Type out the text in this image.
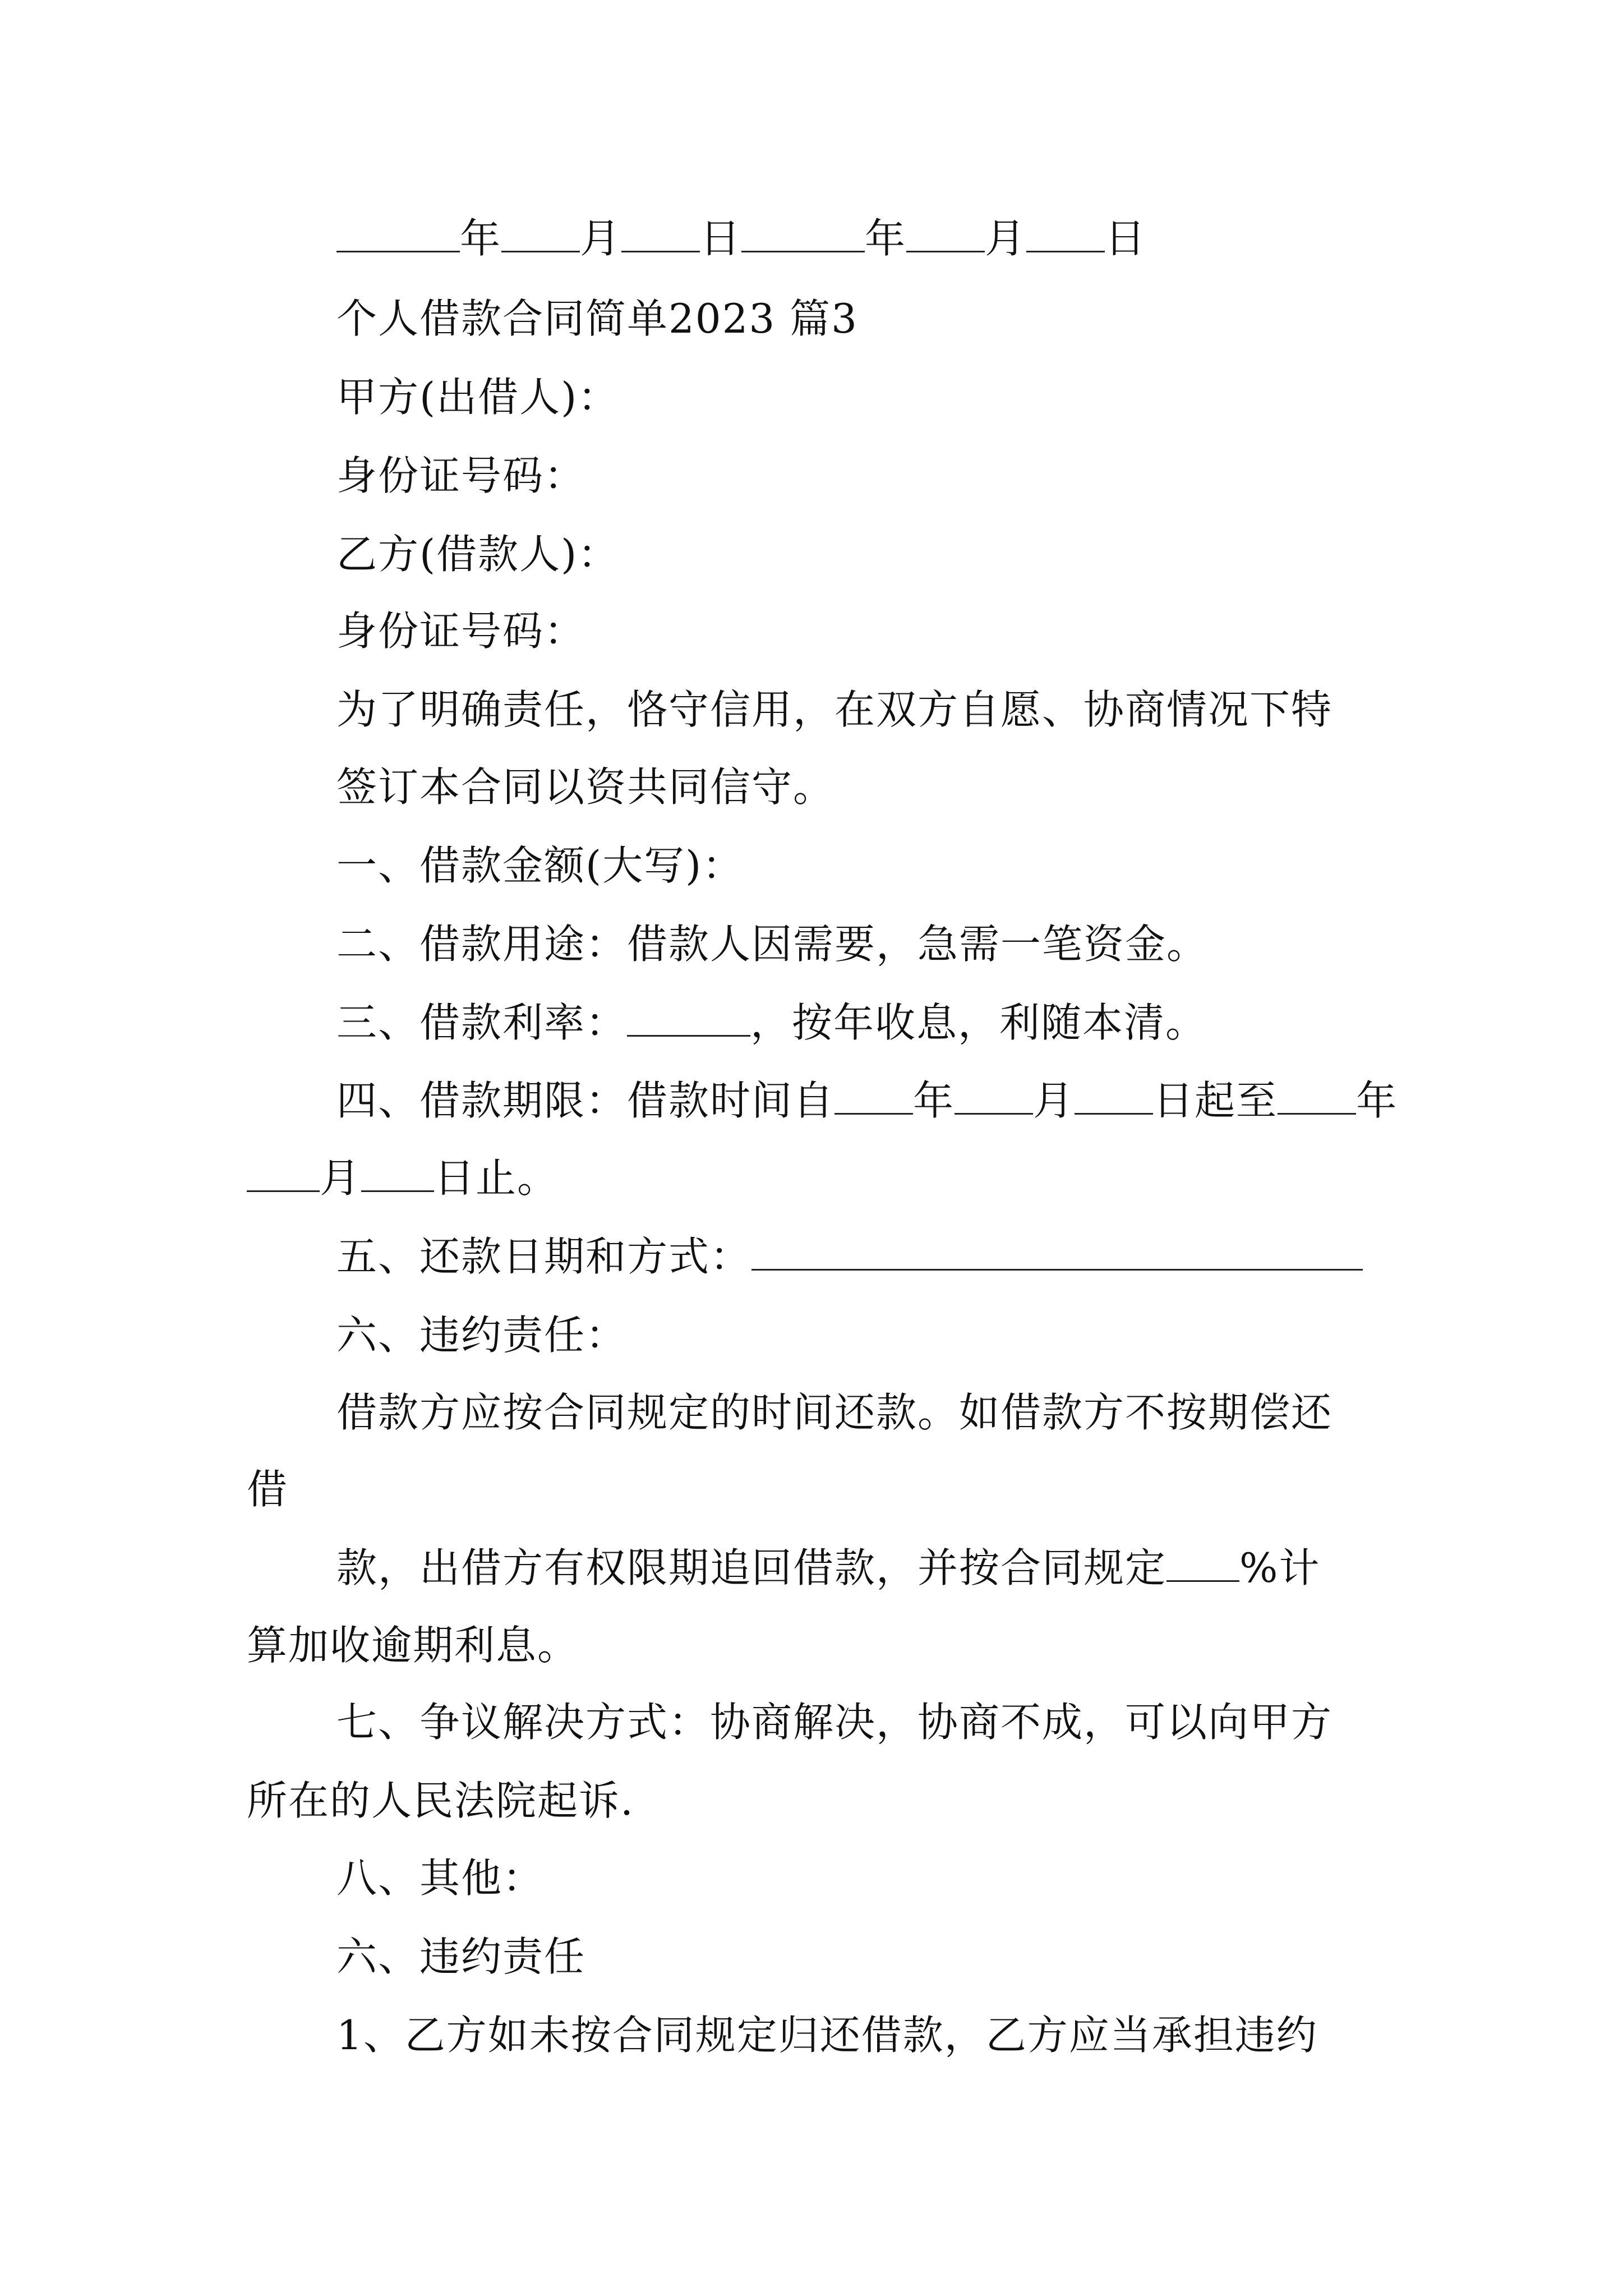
年 月 日	年 月 日
个人借款合同简单2023 篇3
甲方(出借人)：
身份证号码：
乙方(借款人)：
身份证号码：
为了明确责任，恪守信用，在双方自愿、协商情况下特
签订本合同以资共同信守。
一、借款金额(大写)：
二、借款用途：借款人因需要，急需一笔资金。
三、借款利率：	，按年收息，利随本清。
四、借款期限：借款时间自 年 月 日起至 年
月 日止。
五、还款日期和方式：
六、违约责任：
借款方应按合同规定的时间还款。如借款方不按期偿还
借
款，出借方有权限期追回借款，并按合同规定 %计
算加收逾期利息。
七、争议解决方式：协商解决，协商不成，可以向甲方
所在的人民法院起诉.
八、其他：
六、违约责任
1、乙方如未按合同规定归还借款，乙方应当承担违约
